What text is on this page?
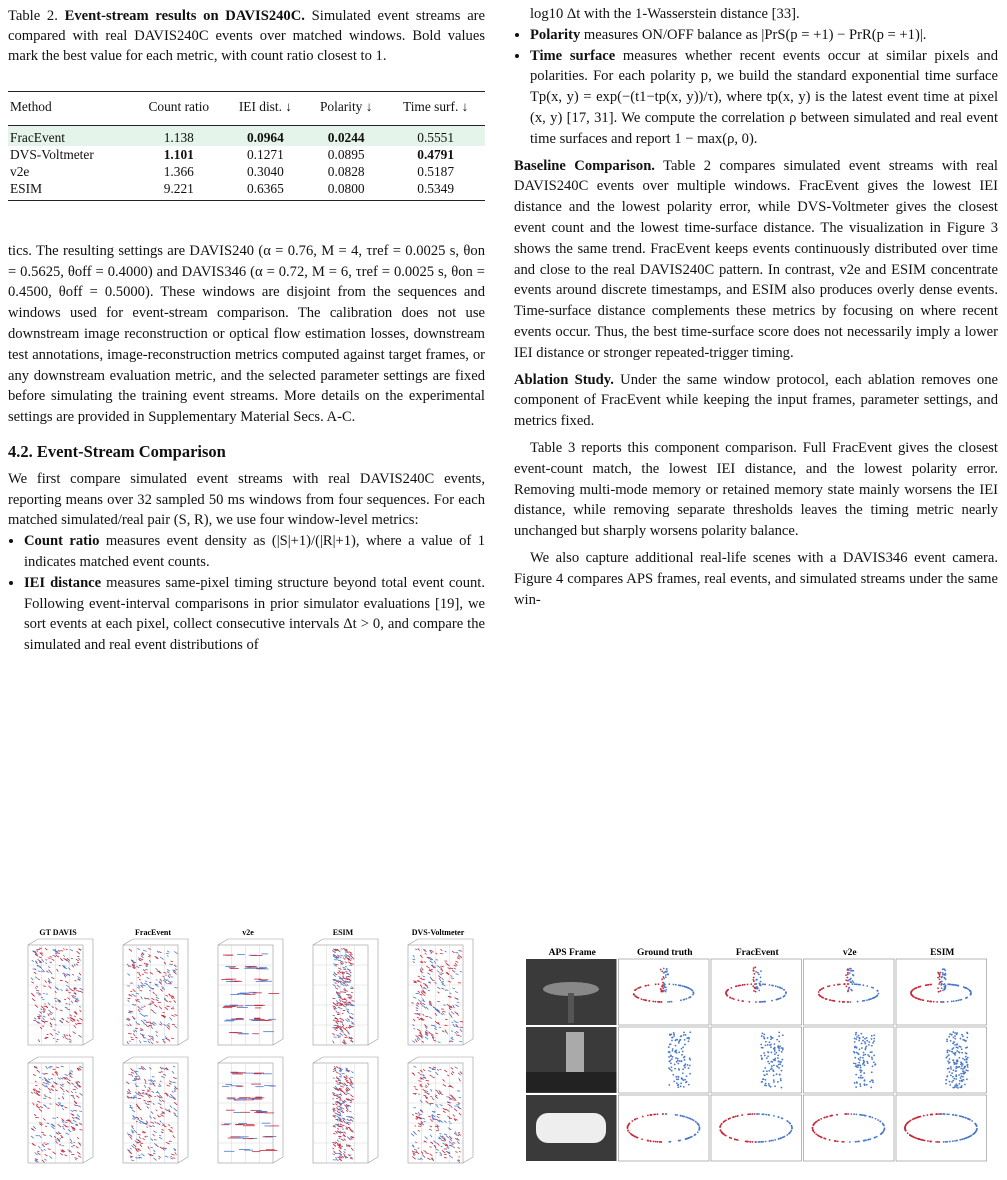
Table 2. Event-stream results on DAVIS240C. Simulated event streams are compared with real DAVIS240C events over matched windows. Bold values mark the best value for each metric, with count ratio closest to 1.
Method	Count ratio	IEI dist. ↓	Polarity ↓	Time surf. ↓
FracEvent	1.138	0.0964	0.0244	0.5551
DVS-Voltmeter	1.101	0.1271	0.0895	0.4791
v2e	1.366	0.3040	0.0828	0.5187
ESIM	9.221	0.6365	0.0800	0.5349

tics. The resulting settings are DAVIS240 (α = 0.76, M = 4, τref = 0.0025 s, θon = 0.5625, θoff = 0.4000) and DAVIS346 (α = 0.72, M = 6, τref = 0.0025 s, θon = 0.4500, θoff = 0.5000). These windows are disjoint from the sequences and windows used for event-stream comparison. The calibration does not use downstream image reconstruction or optical flow estimation losses, downstream test annotations, image-reconstruction metrics computed against target frames, or any downstream evaluation metric, and the selected parameter settings are fixed before simulating the training event streams. More details on the experimental settings are provided in Supplementary Material Secs. A-C.

4.2. Event-Stream Comparison

We first compare simulated event streams with real DAVIS240C events, reporting means over 32 sampled 50 ms windows from four sequences. For each matched simulated/real pair (S, R), we use four window-level metrics:

• Count ratio measures event density as (|S|+1)/(|R|+1), where a value of 1 indicates matched event counts.
• IEI distance measures same-pixel timing structure beyond total event count. Following event-interval comparisons in prior simulator evaluations [19], we sort events at each pixel, collect consecutive intervals Δt > 0, and compare the simulated and real event distributions of
GT DAVIS	FracEvent	v2e	ESIM	DVS-Voltmeter
log10 Δt with the 1-Wasserstein distance [33].
• Polarity measures ON/OFF balance as |PrS(p = +1) − PrR(p = +1)|.
• Time surface measures whether recent events occur at similar pixels and polarities. For each polarity p, we build the standard exponential time surface Tp(x, y) = exp(−(t1−tp(x, y))/τ), where tp(x, y) is the latest event time at pixel (x, y) [17, 31]. We compute the correlation ρ between simulated and real event time surfaces and report 1 − max(ρ, 0).

Baseline Comparison. Table 2 compares simulated event streams with real DAVIS240C events over multiple windows. FracEvent gives the lowest IEI distance and the lowest polarity error, while DVS-Voltmeter gives the closest event count and the lowest time-surface distance. The visualization in Figure 3 shows the same trend. FracEvent keeps events continuously distributed over time and close to the real DAVIS240C pattern. In contrast, v2e and ESIM concentrate events around discrete timestamps, and ESIM also produces overly dense events. Time-surface distance complements these metrics by focusing on where recent events occur. Thus, the best time-surface score does not necessarily imply a lower IEI distance or stronger repeated-trigger timing.

Ablation Study. Under the same window protocol, each ablation removes one component of FracEvent while keeping the input frames, parameter settings, and metrics fixed.

Table 3 reports this component comparison. Full FracEvent gives the closest event-count match, the lowest IEI distance, and the lowest polarity error. Removing multi-mode memory or retained memory state mainly worsens the IEI distance, while removing separate thresholds leaves the timing metric nearly unchanged but sharply worsens polarity balance.

We also capture additional real-life scenes with a DAVIS346 event camera. Figure 4 compares APS frames, real events, and simulated streams under the same win-

APS Frame	Ground truth	FracEvent	v2e	ESIM
